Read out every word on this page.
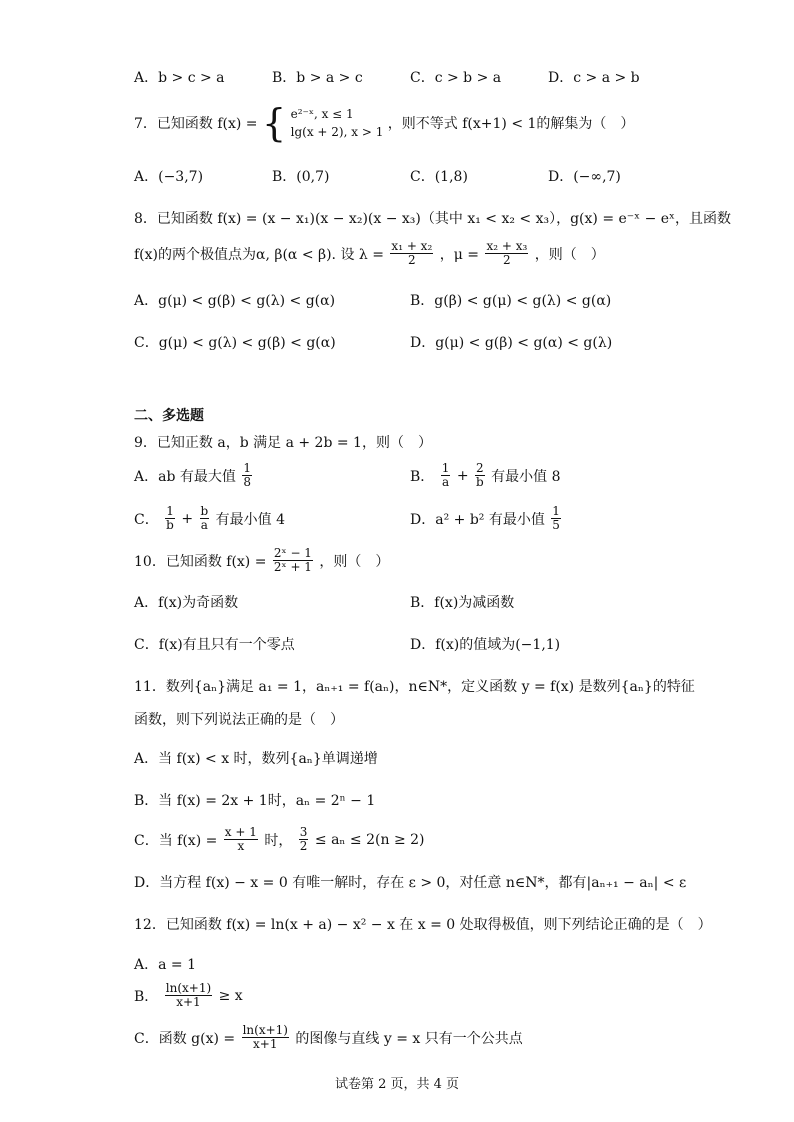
A．b > c > a	B．b > a > c	C．c > b > a	D．c > a > b
7．已知函数 f(x) = { e²⁻ˣ, x ≤ 1
lg(x + 2), x > 1 ，则不等式 f(x+1) < 1的解集为（　）
A．(−3,7)	B．(0,7)	C．(1,8)	D．(−∞,7)
8．已知函数 f(x) = (x − x₁)(x − x₂)(x − x₃)（其中 x₁ < x₂ < x₃），g(x) = e⁻ˣ − eˣ，且函数
f(x)的两个极值点为α, β(α < β). 设 $\lambda = \frac{\text{x₁ + x₂}}{2}$ ，$\mu = \frac{\text{x₂ + x₃}}{2}$ ，则（　）
A．g(μ) < g(β) < g(λ) < g(α)	B．g(β) < g(μ) < g(λ) < g(α)
C．g(μ) < g(λ) < g(β) < g(α)	D．g(μ) < g(β) < g(α) < g(λ)
二、多选题
9．已知正数 a，b 满足 a + 2b = 1，则（　）
A．ab 有最大值 $\frac{1}{8}$	B． $\frac{1}{a} + \frac{2}{b}$ 有最小值 8
C． $\frac{1}{b} + \frac{b}{a}$ 有最小值 4	D．a² + b² 有最小值 $\frac{1}{5}$
10．已知函数 $f(x) = \frac{\text{2ˣ − 1}}{\text{2ˣ + 1}}$ ，则（　）
A．f(x)为奇函数	B．f(x)为减函数
C．f(x)有且只有一个零点	D．f(x)的值域为(−1,1)
11．数列{aₙ}满足 a₁ = 1，aₙ₊₁ = f(aₙ)，n∈N*，定义函数 y = f(x) 是数列{aₙ}的特征
函数，则下列说法正确的是（　）
A．当 f(x) < x 时，数列{aₙ}单调递增
B．当 f(x) = 2x + 1时，aₙ = 2ⁿ − 1
C．当 $f(x) = \frac{x + 1}{x}$ 时， $\frac{3}{2} \le a_n \le 2(n \ge 2)$
D．当方程 f(x) − x = 0 有唯一解时，存在 ε > 0，对任意 n∈N*，都有|aₙ₊₁ − aₙ| < ε
12．已知函数 f(x) = ln(x + a) − x² − x 在 x = 0 处取得极值，则下列结论正确的是（　）
A．a = 1
B． $\frac{\ln(x+1)}{x+1} \ge x$
C．函数 $g(x) = \frac{\ln(x+1)}{x+1}$ 的图像与直线 y = x 只有一个公共点
试卷第 2 页，共 4 页
